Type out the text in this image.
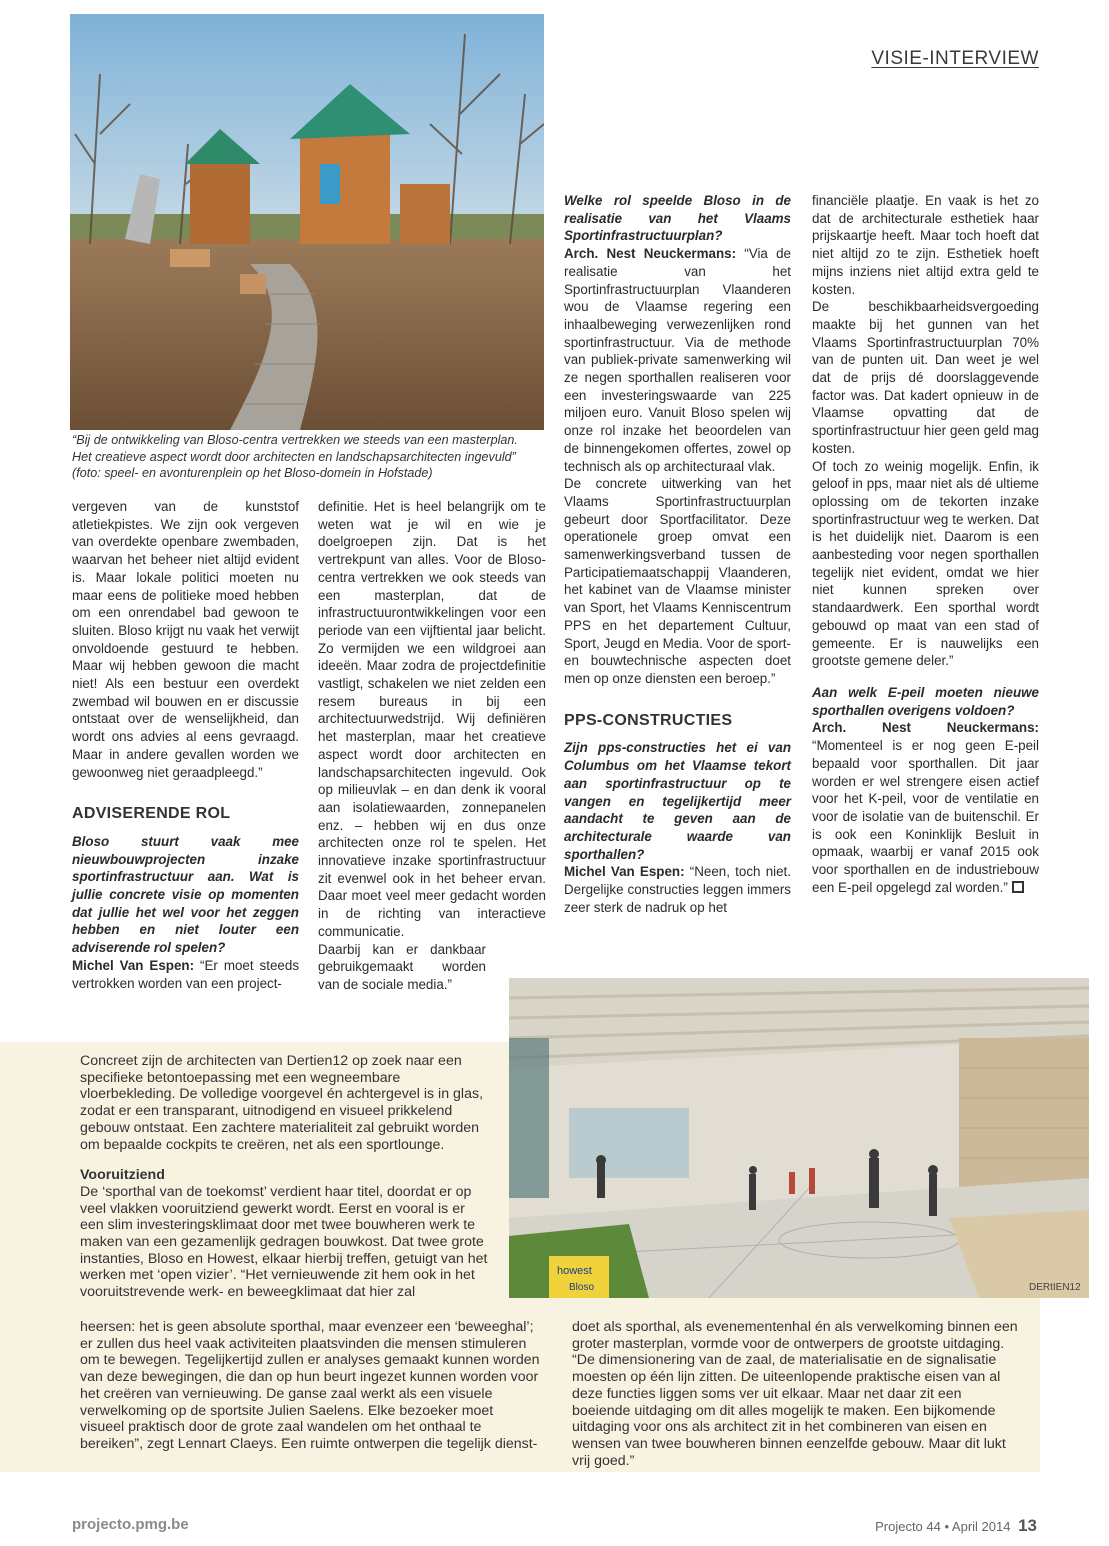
VISIE-INTERVIEW
“Bij de ontwikkeling van Bloso-centra vertrekken we steeds van een masterplan.
Het creatieve aspect wordt door architecten en landschapsarchitecten ingevuld”
(foto: speel- en avonturenplein op het Bloso-domein in Hofstade)

vergeven van de kunststof atletiekpistes. We zijn ook vergeven van overdekte openbare zwembaden, waarvan het beheer niet altijd evident is. Maar lokale politici moeten nu maar eens de politieke moed hebben om een onrendabel bad gewoon te sluiten. Bloso krijgt nu vaak het verwijt onvoldoende gestuurd te hebben. Maar wij hebben gewoon die macht niet! Als een bestuur een overdekt zwembad wil bouwen en er discussie ontstaat over de wenselijkheid, dan wordt ons advies al eens gevraagd. Maar in andere gevallen worden we gewoonweg niet geraadpleegd.”

ADVISERENDE ROL

Bloso stuurt vaak mee nieuwbouwprojecten inzake sportinfrastructuur aan. Wat is jullie concrete visie op momenten dat jullie het wel voor het zeggen hebben en niet louter een adviserende rol spelen?

Michel Van Espen: “Er moet steeds vertrokken worden van een project-

definitie. Het is heel belangrijk om te weten wat je wil en wie je doelgroepen zijn. Dat is het vertrekpunt van alles. Voor de Bloso-centra vertrekken we ook steeds van een masterplan, dat de infrastructuurontwikkelingen voor een periode van een vijftiental jaar belicht. Zo vermijden we een wildgroei aan ideeën. Maar zodra de projectdefinitie vastligt, schakelen we niet zelden een resem bureaus in bij een architectuurwedstrijd. Wij definiëren het masterplan, maar het creatieve aspect wordt door architecten en landschapsarchitecten ingevuld. Ook op milieuvlak – en dan denk ik vooral aan isolatiewaarden, zonnepanelen enz. – hebben wij en dus onze architecten onze rol te spelen. Het innovatieve inzake sportinfrastructuur zit evenwel ook in het beheer ervan. Daar moet veel meer gedacht worden in de richting van interactieve communicatie.

Daarbij kan er dankbaar gebruikgemaakt worden van de sociale media.”

Welke rol speelde Bloso in de realisatie van het Vlaams Sportinfrastructuurplan?

Arch. Nest Neuckermans: “Via de realisatie van het Sportinfrastructuurplan Vlaanderen wou de Vlaamse regering een inhaalbeweging verwezenlijken rond sportinfrastructuur. Via de methode van publiek-private samenwerking wil ze negen sporthallen realiseren voor een investeringswaarde van 225 miljoen euro. Vanuit Bloso spelen wij onze rol inzake het beoordelen van de binnengekomen offertes, zowel op technisch als op architecturaal vlak.

De concrete uitwerking van het Vlaams Sportinfrastructuurplan gebeurt door Sportfacilitator. Deze operationele groep omvat een samenwerkingsverband tussen de Participatiemaatschappij Vlaanderen, het kabinet van de Vlaamse minister van Sport, het Vlaams Kenniscentrum PPS en het departement Cultuur, Sport, Jeugd en Media. Voor de sport- en bouwtechnische aspecten doet men op onze diensten een beroep.”

PPS-CONSTRUCTIES

Zijn pps-constructies het ei van Columbus om het Vlaamse tekort aan sportinfrastructuur op te vangen en tegelijkertijd meer aandacht te geven aan de architecturale waarde van sporthallen?

Michel Van Espen: “Neen, toch niet. Dergelijke constructies leggen immers zeer sterk de nadruk op het

financiële plaatje. En vaak is het zo dat de architecturale esthetiek haar prijskaartje heeft. Maar toch hoeft dat niet altijd zo te zijn. Esthetiek hoeft mijns inziens niet altijd extra geld te kosten.

De beschikbaarheidsvergoeding maakte bij het gunnen van het Vlaams Sportinfrastructuurplan 70% van de punten uit. Dan weet je wel dat de prijs dé doorslaggevende factor was. Dat kadert opnieuw in de Vlaamse opvatting dat de sportinfrastructuur hier geen geld mag kosten.

Of toch zo weinig mogelijk. Enfin, ik geloof in pps, maar niet als dé ultieme oplossing om de tekorten inzake sportinfrastructuur weg te werken. Dat is het duidelijk niet. Daarom is een aanbesteding voor negen sporthallen tegelijk niet evident, omdat we hier niet kunnen spreken over standaardwerk. Een sporthal wordt gebouwd op maat van een stad of gemeente. Er is nauwelijks een grootste gemene deler.”

Aan welk E-peil moeten nieuwe sporthallen overigens voldoen?

Arch. Nest Neuckermans: “Momenteel is er nog geen E-peil bepaald voor sporthallen. Dit jaar worden er wel strengere eisen actief voor het K-peil, voor de ventilatie en voor de isolatie van de buitenschil. Er is ook een Koninklijk Besluit in opmaak, waarbij er vanaf 2015 ook voor sporthallen en de industriebouw een E-peil opgelegd zal worden.”

howest
Bloso	DERtIEN12

Concreet zijn de architecten van Dertien12 op zoek naar een specifieke betontoepassing met een wegneembare vloerbekleding. De volledige voorgevel én achtergevel is in glas, zodat er een transparant, uitnodigend en visueel prikkelend gebouw ontstaat. Een zachtere materialiteit zal gebruikt worden om bepaalde cockpits te creëren, net als een sportlounge.

Vooruitziend

De ‘sporthal van de toekomst’ verdient haar titel, doordat er op veel vlakken vooruitziend gewerkt wordt. Eerst en vooral is er een slim investeringsklimaat door met twee bouwheren werk te maken van een gezamenlijk gedragen bouwkost. Dat twee grote instanties, Bloso en Howest, elkaar hierbij treffen, getuigt van het werken met ‘open vizier’. “Het vernieuwende zit hem ook in het vooruitstrevende werk- en beweegklimaat dat hier zal

heersen: het is geen absolute sporthal, maar evenzeer een ‘beweeghal’; er zullen dus heel vaak activiteiten plaatsvinden die mensen stimuleren om te bewegen. Tegelijkertijd zullen er analyses gemaakt kunnen worden van deze bewegingen, die dan op hun beurt ingezet kunnen worden voor het creëren van vernieuwing. De ganse zaal werkt als een visuele verwelkoming op de sportsite Julien Saelens. Elke bezoeker moet visueel praktisch door de grote zaal wandelen om het onthaal te bereiken”, zegt Lennart Claeys. Een ruimte ontwerpen die tegelijk dienst-

doet als sporthal, als evenementenhal én als verwelkoming binnen een groter masterplan, vormde voor de ontwerpers de grootste uitdaging. “De dimensionering van de zaal, de materialisatie en de signalisatie moesten op één lijn zitten. De uiteenlopende praktische eisen van al deze functies liggen soms ver uit elkaar. Maar net daar zit een boeiende uitdaging om dit alles mogelijk te maken. Een bijkomende uitdaging voor ons als architect zit in het combineren van eisen en wensen van twee bouwheren binnen eenzelfde gebouw. Maar dit lukt vrij goed.”

projecto.pmg.be	Projecto 44 • April 2014 13
